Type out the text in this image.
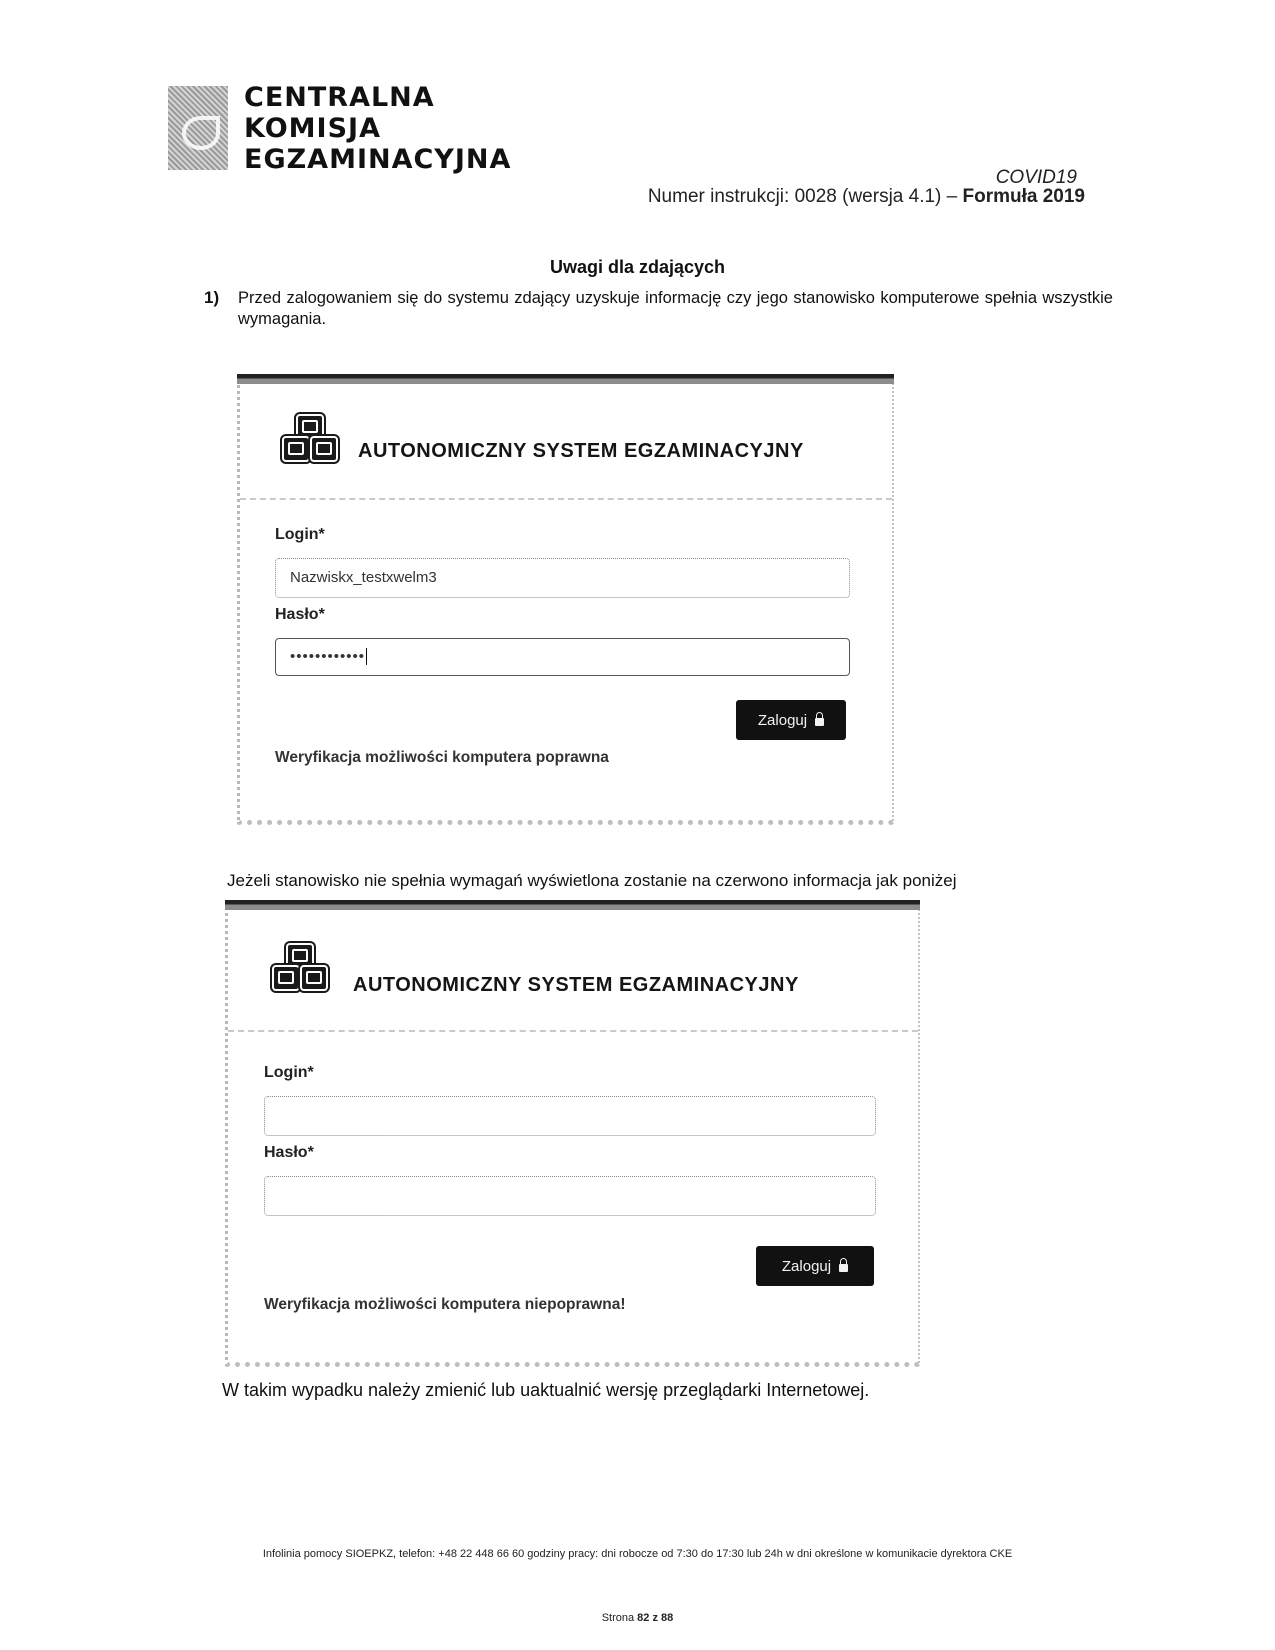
CENTRALNA
KOMISJA
EGZAMINACYJNA
COVID19
Numer instrukcji: 0028 (wersja 4.1) – Formuła 2019
Uwagi dla zdających
1) Przed zalogowaniem się do systemu zdający uzyskuje informację czy jego stanowisko komputerowe spełnia wszystkie wymagania.
AUTONOMICZNY SYSTEM EGZAMINACYJNY
Login*
Nazwiskx_testxwelm3
Hasło*
••••••••••••
Zaloguj
Weryfikacja możliwości komputera poprawna
Jeżeli stanowisko nie spełnia wymagań wyświetlona zostanie na czerwono informacja jak poniżej
AUTONOMICZNY SYSTEM EGZAMINACYJNY
Login*
Hasło*
Zaloguj
Weryfikacja możliwości komputera niepoprawna!
W takim wypadku należy zmienić lub uaktualnić wersję przeglądarki Internetowej.
Infolinia pomocy SIOEPKZ, telefon: +48 22 448 66 60 godziny pracy: dni robocze od 7:30 do 17:30 lub 24h w dni określone w komunikacie dyrektora CKE
Strona 82 z 88
